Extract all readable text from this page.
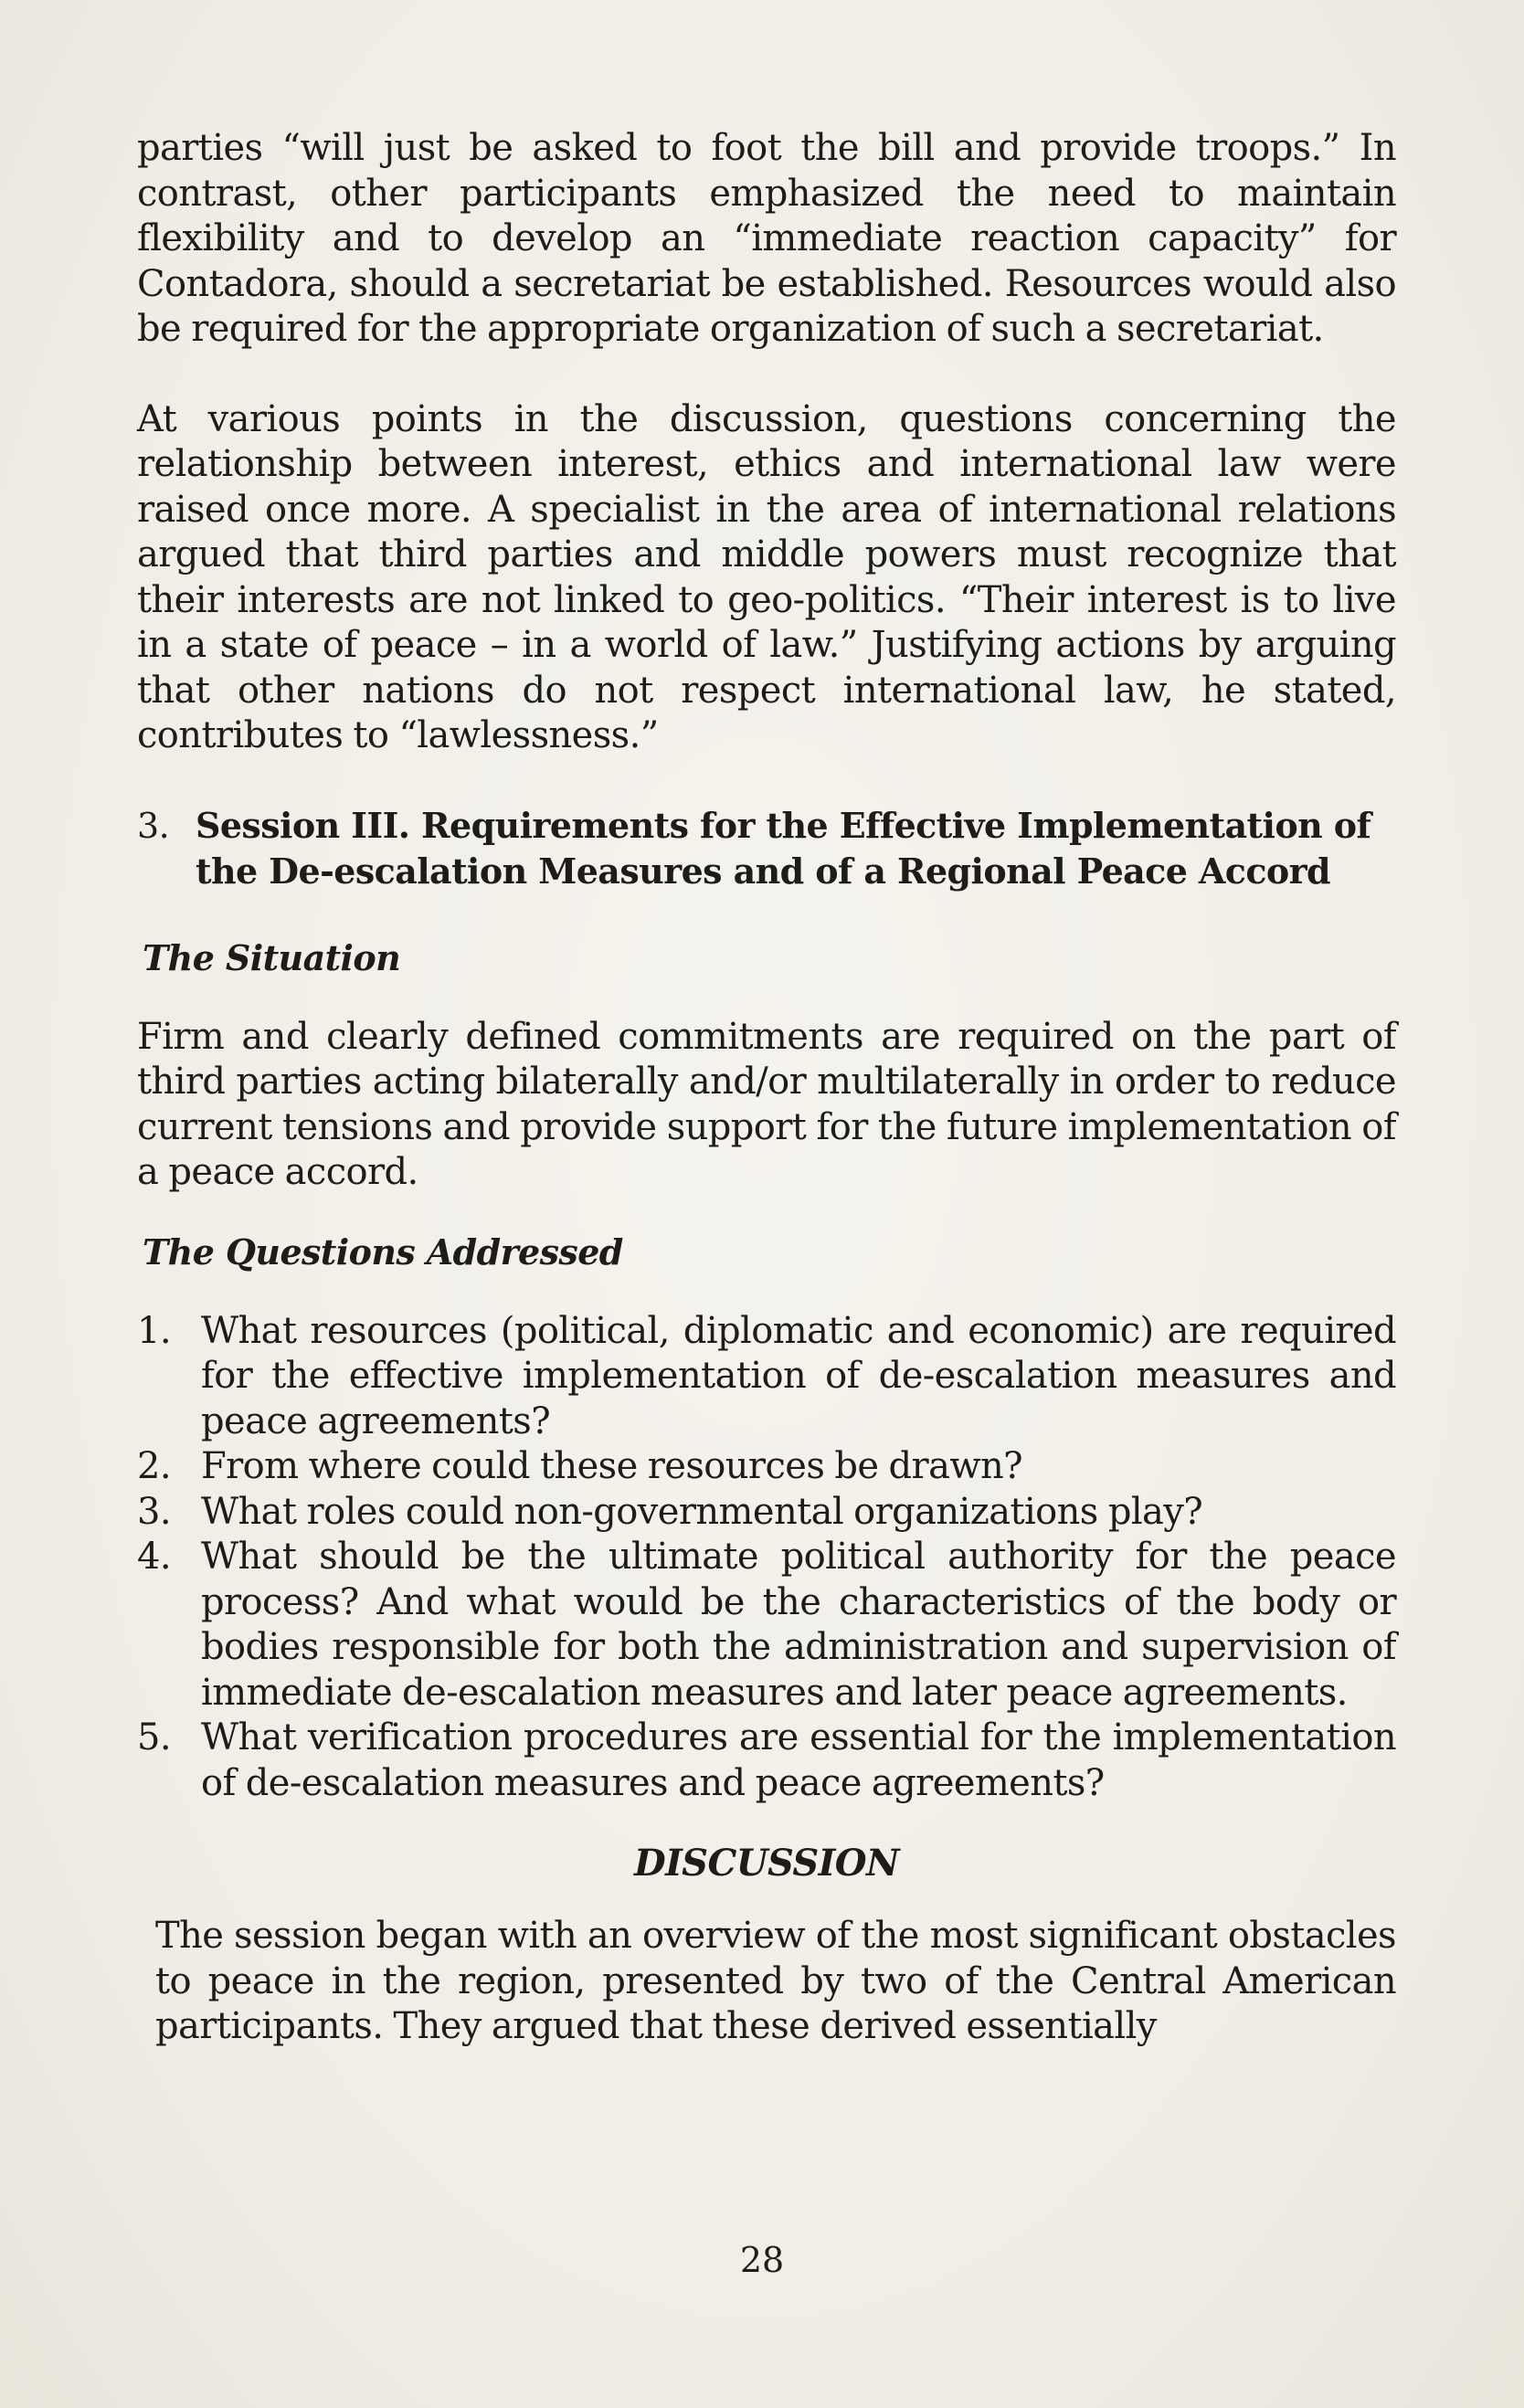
parties “will just be asked to foot the bill and provide troops.” In contrast, other participants emphasized the need to maintain flexibility and to develop an “immediate reaction capacity” for Contadora, should a secretariat be established. Resources would also be required for the appropriate organization of such a secretariat.

At various points in the discussion, questions concerning the relationship between interest, ethics and international law were raised once more. A specialist in the area of international relations argued that third parties and middle powers must recognize that their interests are not linked to geo-politics. “Their interest is to live in a state of peace – in a world of law.” Justifying actions by arguing that other nations do not respect international law, he stated, contributes to “lawlessness.”

3. Session III. Requirements for the Effective Implementation of the De-escalation Measures and of a Regional Peace Accord
The Situation

Firm and clearly defined commitments are required on the part of third parties acting bilaterally and/or multilaterally in order to reduce current tensions and provide support for the future implementation of a peace accord.

The Questions Addressed
1. What resources (political, diplomatic and economic) are required for the effective implementation of de-escalation measures and peace agreements?
2. From where could these resources be drawn?
3. What roles could non-governmental organizations play?
4. What should be the ultimate political authority for the peace process? And what would be the characteristics of the body or bodies responsible for both the administration and supervision of immediate de-escalation measures and later peace agreements.
5. What verification procedures are essential for the implementation of de-escalation measures and peace agreements?
DISCUSSION

The session began with an overview of the most significant obstacles to peace in the region, presented by two of the Central American participants. They argued that these derived essentially

28
